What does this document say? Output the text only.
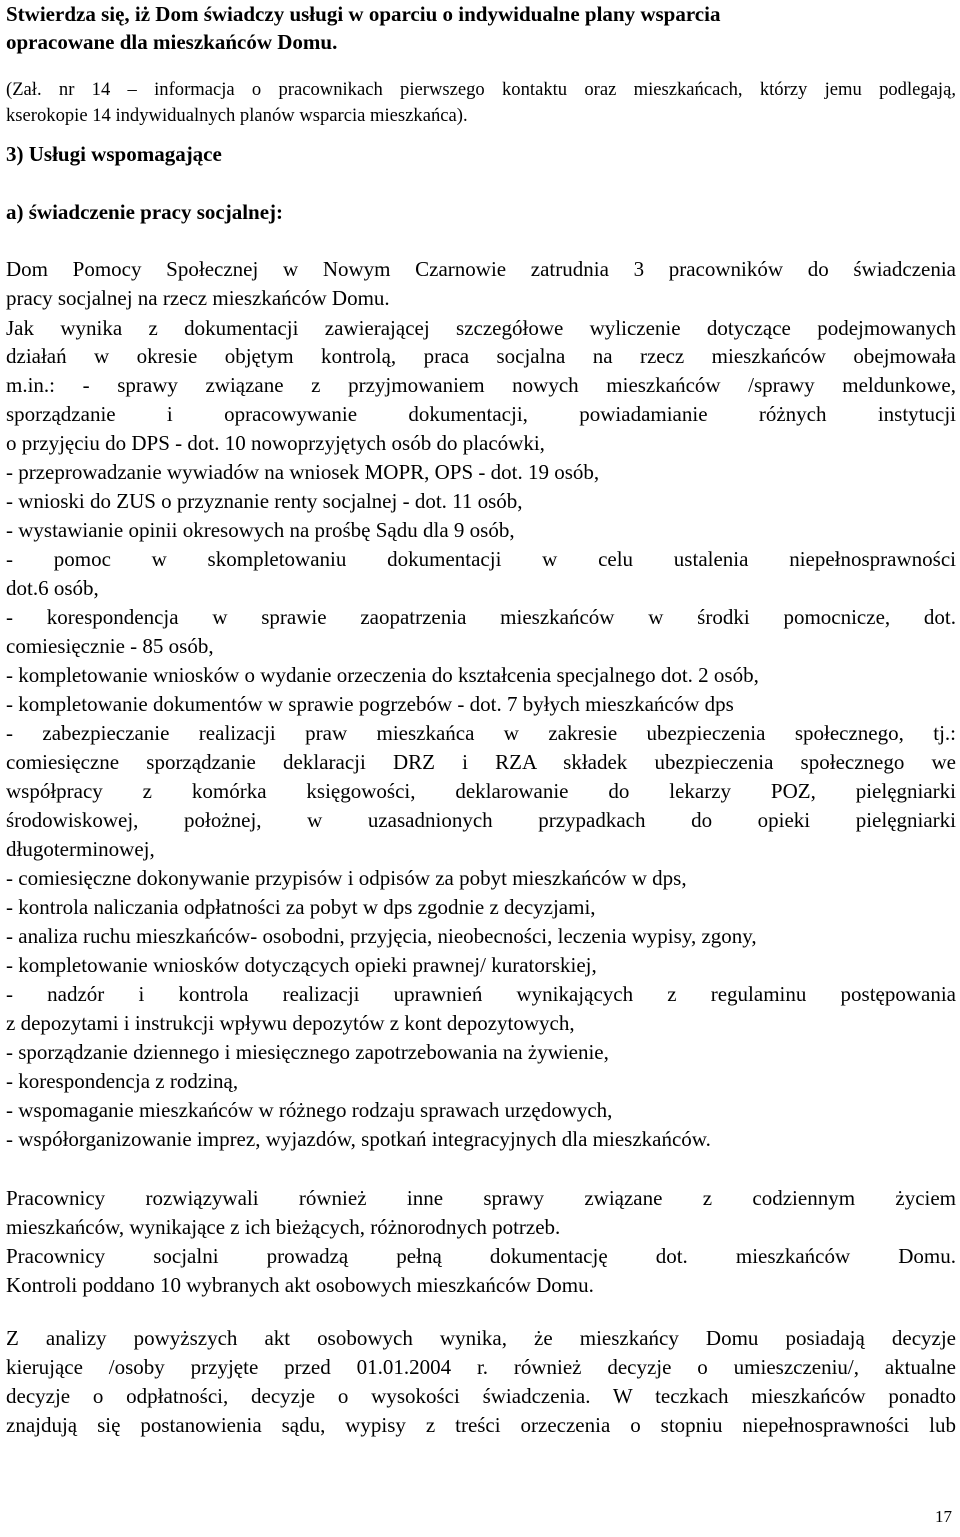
Stwierdza się, iż Dom świadczy usługi w oparciu o indywidualne plany wsparcia
opracowane dla mieszkańców Domu.
(Zał. nr 14 – informacja o pracownikach pierwszego kontaktu oraz mieszkańcach, którzy jemu podlegają,
kserokopie 14 indywidualnych planów wsparcia mieszkańca).
3) Usługi wspomagające
a) świadczenie pracy socjalnej:
Dom Pomocy Społecznej w Nowym Czarnowie zatrudnia 3 pracowników do świadczenia
pracy socjalnej na rzecz mieszkańców Domu.
Jak wynika z dokumentacji zawierającej szczegółowe wyliczenie dotyczące podejmowanych
działań w okresie objętym kontrolą, praca socjalna na rzecz mieszkańców obejmowała
m.in.: - sprawy związane z przyjmowaniem nowych mieszkańców /sprawy meldunkowe,
sporządzanie i opracowywanie dokumentacji, powiadamianie różnych instytucji
o przyjęciu do DPS - dot. 10 nowoprzyjętych osób do placówki,
- przeprowadzanie wywiadów na wniosek MOPR, OPS - dot. 19 osób,
- wnioski do ZUS o przyznanie renty socjalnej - dot. 11 osób,
- wystawianie opinii okresowych na prośbę Sądu dla 9 osób,
- pomoc w skompletowaniu dokumentacji w celu ustalenia niepełnosprawności
dot.6 osób,
- korespondencja w sprawie zaopatrzenia mieszkańców w środki pomocnicze, dot.
comiesięcznie - 85 osób,
- kompletowanie wniosków o wydanie orzeczenia do kształcenia specjalnego dot. 2 osób,
- kompletowanie dokumentów w sprawie pogrzebów - dot. 7 byłych mieszkańców dps
- zabezpieczanie realizacji praw mieszkańca w zakresie ubezpieczenia społecznego, tj.:
comiesięczne sporządzanie deklaracji DRZ i RZA składek ubezpieczenia społecznego we
współpracy z komórka księgowości, deklarowanie do lekarzy POZ, pielęgniarki
środowiskowej, położnej, w uzasadnionych przypadkach do opieki pielęgniarki
długoterminowej,
- comiesięczne dokonywanie przypisów i odpisów za pobyt mieszkańców w dps,
- kontrola naliczania odpłatności za pobyt w dps zgodnie z decyzjami,
- analiza ruchu mieszkańców- osobodni, przyjęcia, nieobecności, leczenia wypisy, zgony,
- kompletowanie wniosków dotyczących opieki prawnej/ kuratorskiej,
- nadzór i kontrola realizacji uprawnień wynikających z regulaminu postępowania
z depozytami i instrukcji wpływu depozytów z kont depozytowych,
- sporządzanie dziennego i miesięcznego zapotrzebowania na żywienie,
- korespondencja z rodziną,
- wspomaganie mieszkańców w różnego rodzaju sprawach urzędowych,
- współorganizowanie imprez, wyjazdów, spotkań integracyjnych dla mieszkańców.
Pracownicy rozwiązywali również inne sprawy związane z codziennym życiem
mieszkańców, wynikające z ich bieżących, różnorodnych potrzeb.
Pracownicy socjalni prowadzą pełną dokumentację dot. mieszkańców Domu.
Kontroli poddano 10 wybranych akt osobowych mieszkańców Domu.
Z analizy powyższych akt osobowych wynika, że mieszkańcy Domu posiadają decyzje
kierujące /osoby przyjęte przed 01.01.2004 r. również decyzje o umieszczeniu/, aktualne
decyzje o odpłatności, decyzje o wysokości świadczenia. W teczkach mieszkańców ponadto
znajdują się postanowienia sądu, wypisy z treści orzeczenia o stopniu niepełnosprawności lub
17
